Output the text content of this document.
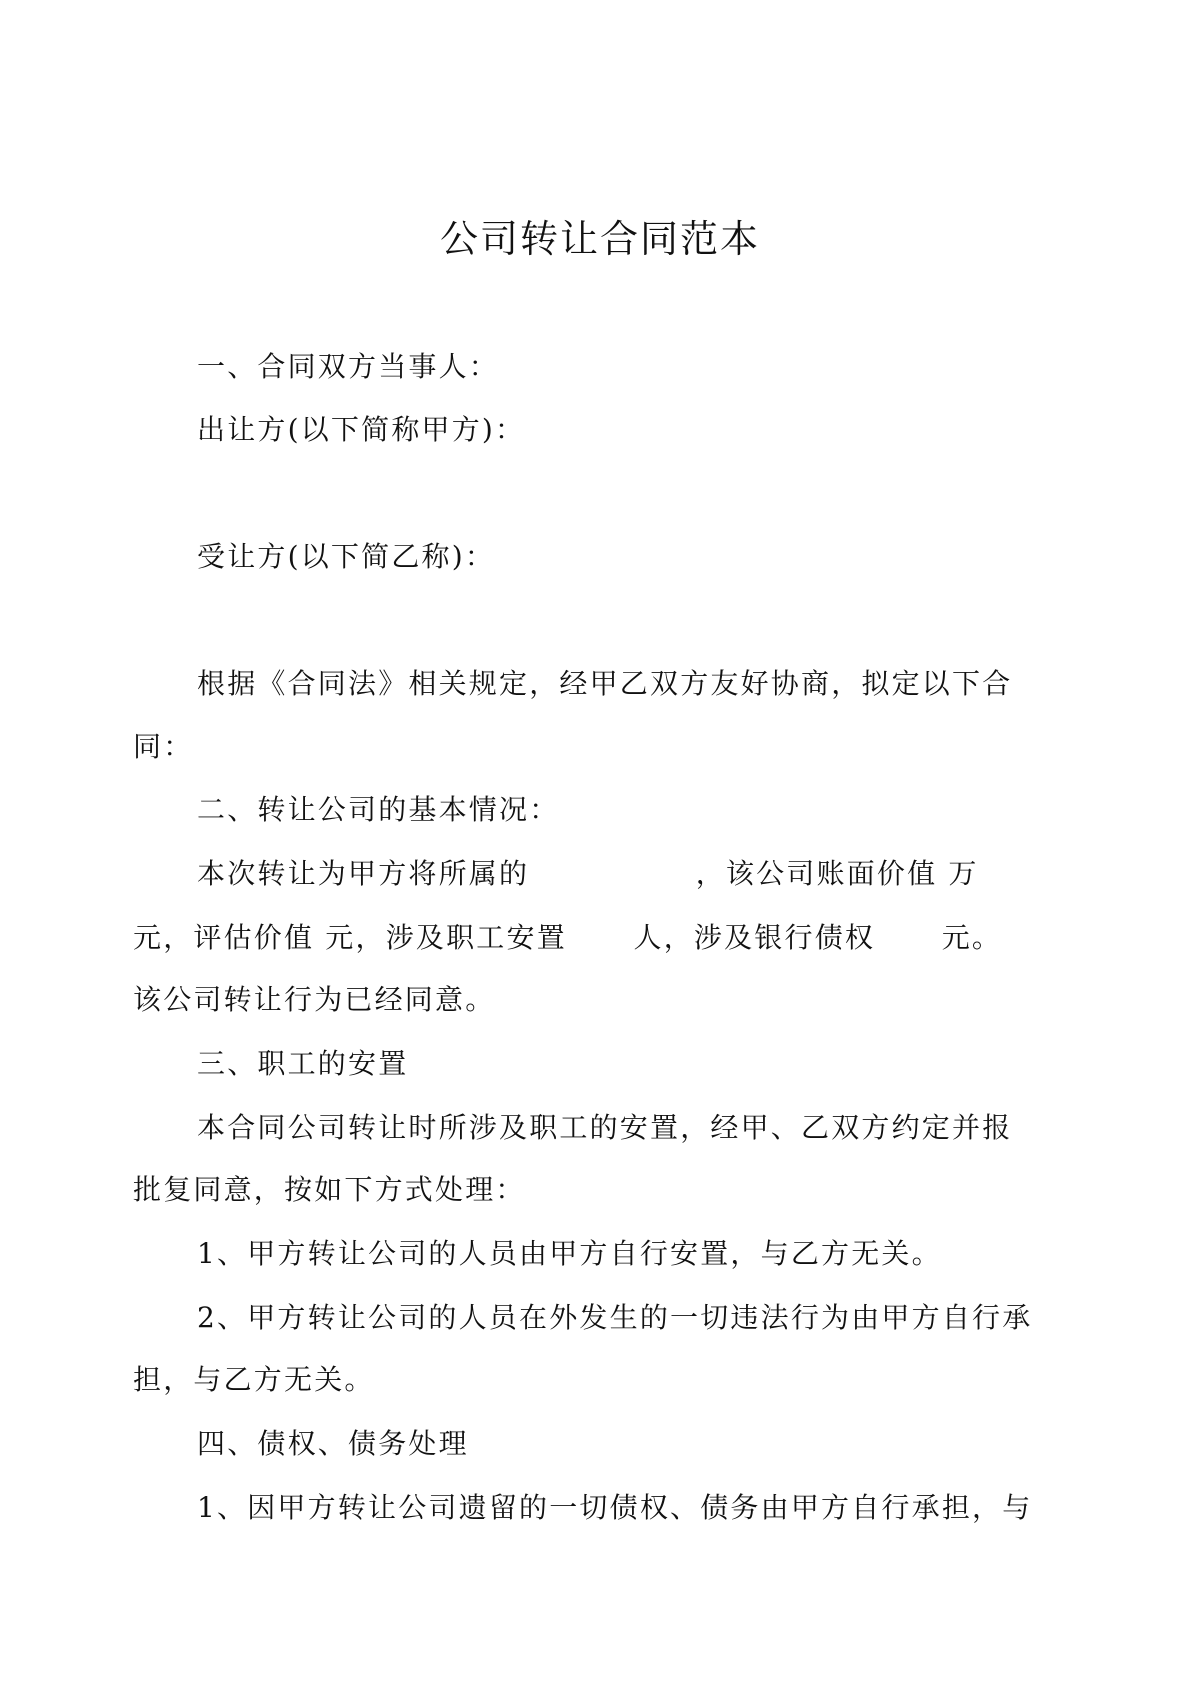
公司转让合同范本

一、合同双方当事人：

出让方(以下简称甲方)：

受让方(以下简乙称)：

根据《合同法》相关规定，经甲乙双方友好协商，拟定以下合

同：

二、转让公司的基本情况：

本次转让为甲方将所属的               ，该公司账面价值 万

元，评估价值 元，涉及职工安置      人，涉及银行债权      元。

该公司转让行为已经同意。

三、职工的安置

本合同公司转让时所涉及职工的安置，经甲、乙双方约定并报

批复同意，按如下方式处理：

1、甲方转让公司的人员由甲方自行安置，与乙方无关。

2、甲方转让公司的人员在外发生的一切违法行为由甲方自行承

担，与乙方无关。

四、债权、债务处理

1、因甲方转让公司遗留的一切债权、债务由甲方自行承担，与
